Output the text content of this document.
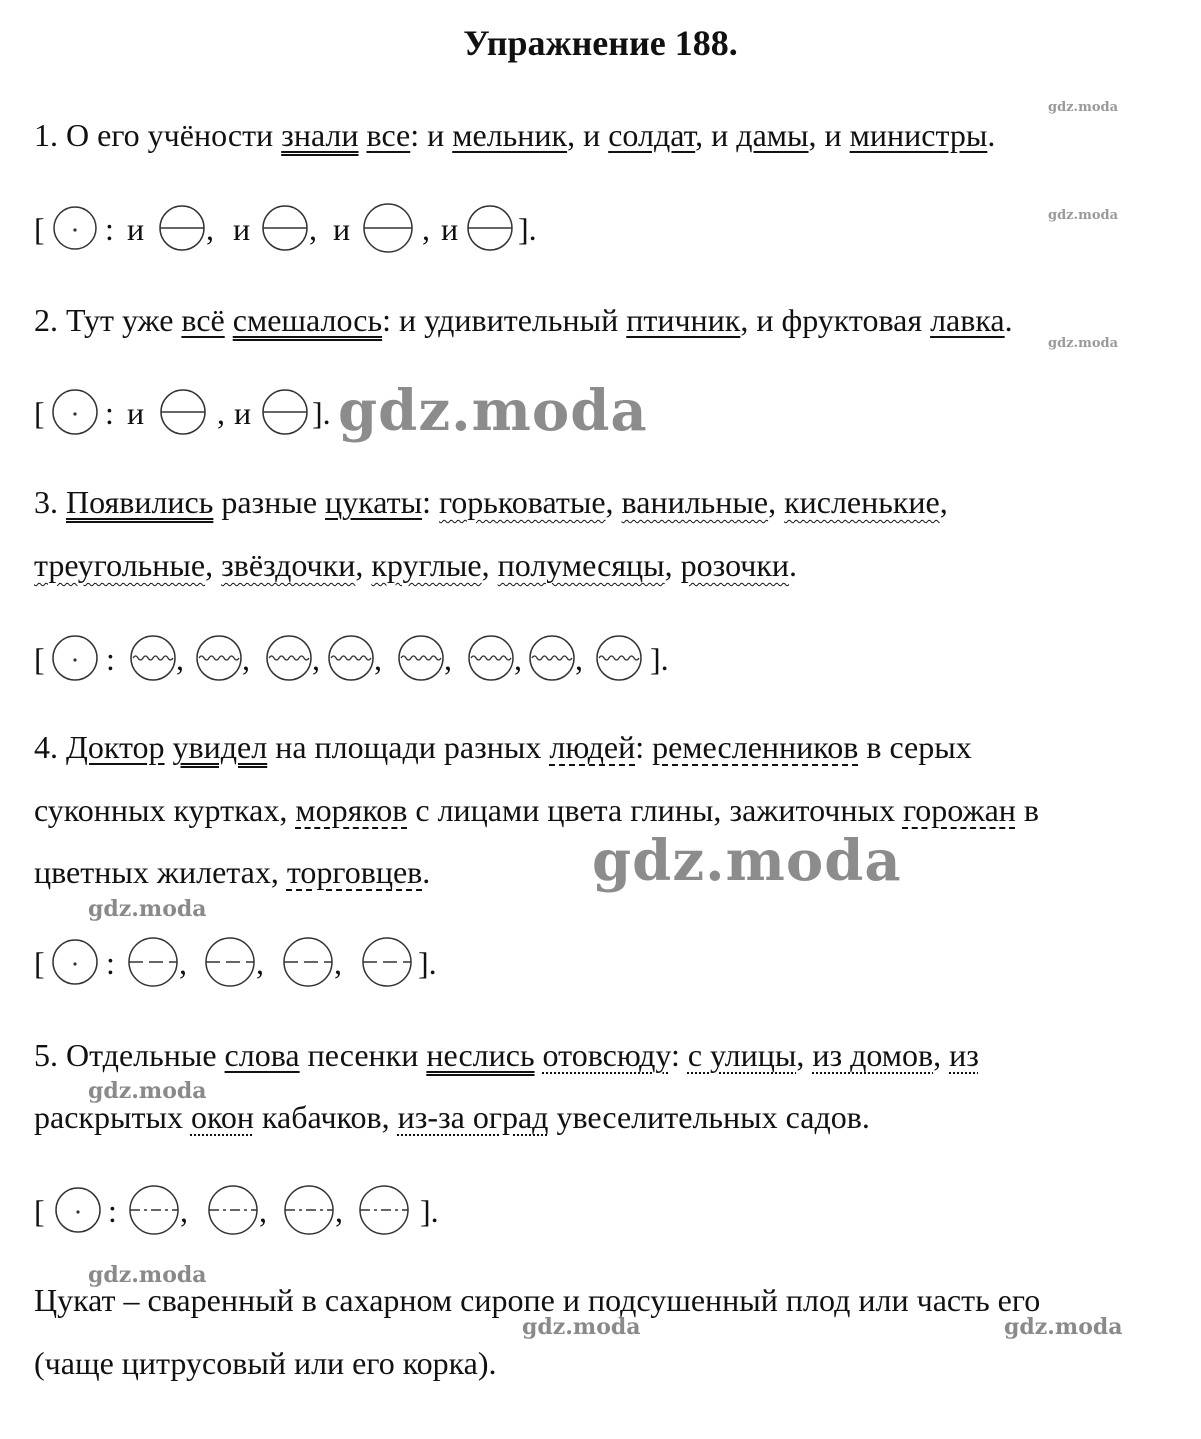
Упражнение 188.
1. О его учёности знали все: и мельник, и солдат, и дамы, и министры.
[ : и , и , и , и ].
[ : и , и ].
[ : , , , , , , , ].
[ : , , , ].
[ : , , , ].
2. Тут уже всё смешалось: и удивительный птичник, и фруктовая лавка.
3. Появились разные цукаты: горьковатые, ванильные, кисленькие,
треугольные, звёздочки, круглые, полумесяцы, розочки.
4. Доктор увидел на площади разных людей: ремесленников в серых
суконных куртках, моряков с лицами цвета глины, зажиточных горожан в
цветных жилетах, торговцев.
5. Отдельные слова песенки неслись отовсюду: с улицы, из домов, из
раскрытых окон кабачков, из-за оград увеселительных садов.
Цукат – сваренный в сахарном сиропе и подсушенный плод или часть его
(чаще цитрусовый или его корка).
gdz.moda
gdz.moda
gdz.moda
gdz.moda
gdz.moda
gdz.moda
gdz.moda
gdz.moda
gdz.moda	gdz.moda
